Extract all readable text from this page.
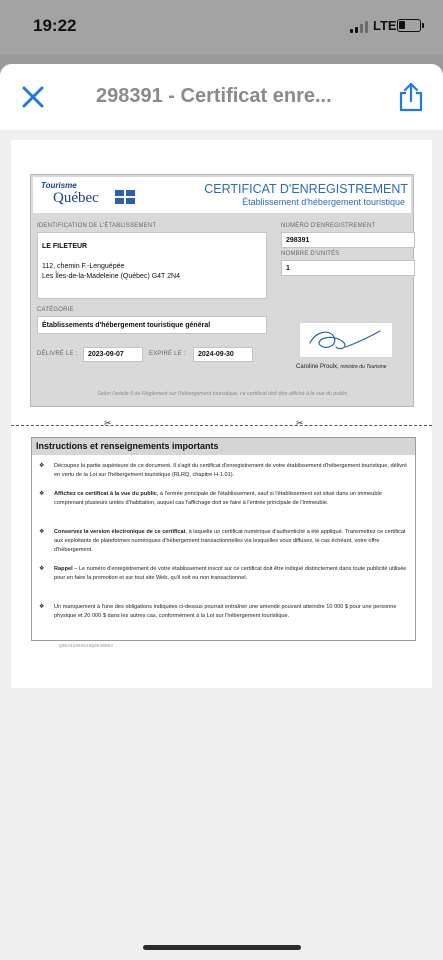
19:22	LTE
298391 - Certificat enre...
Tourisme
Québec
CERTIFICAT D'ENREGISTREMENT
Établissement d'hébergement touristique
IDENTIFICATION DE L'ÉTABLISSEMENT
LE FILETEUR
112, chemin F.-Lenguépée
Les Îles-de-la-Madeleine (Québec) G4T 2N4
NUMÉRO D'ENREGISTREMENT
298391
NOMBRE D'UNITÉS
1
CATÉGORIE
Établissements d'hébergement touristique général
DÉLIVRÉ LE : 2023-09-07	EXPIRÉ LE : 2024-09-30
Caroline Proulx, ministre du Tourisme
Selon l'article 9 du Règlement sur l'hébergement touristique, ce certificat doit être affiché à la vue du public.
✂	✂
Instructions et renseignements importants
❖ Découpez la partie supérieure de ce document. Il s'agit du certificat d'enregistrement de votre établissement d'hébergement touristique, délivré en vertu de la Loi sur l'hébergement touristique (RLRQ, chapitre H-1.01).
❖ Affichez ce certificat à la vue du public, à l'entrée principale de l'établissement, sauf si l'établissement est situé dans un immeuble comprenant plusieurs unités d'habitation, auquel cas l'affichage doit se faire à l'entrée principale de l'immeuble.
❖ Conservez la version électronique de ce certificat, à laquelle un certificat numérique d'authenticité a été appliqué. Transmettez ce certificat aux exploitants de plateformes numériques d'hébergement transactionnelles via lesquelles vous diffusez, le cas échéant, votre offre d'hébergement.
❖ Rappel – Le numéro d'enregistrement de votre établissement inscrit sur ce certificat doit être indiqué distinctement dans toute publicité utilisée pour en faire la promotion et sur tout site Web, qu'il soit ou non transactionnel.
❖ Un manquement à l'une des obligations indiquées ci-dessus pourrait entraîner une amende pouvant atteindre 10 000 $ pour une personne physique et 20 000 $ dans les autres cas, conformément à la Loi sur l'hébergement touristique.
Q00432003646Q0030003
